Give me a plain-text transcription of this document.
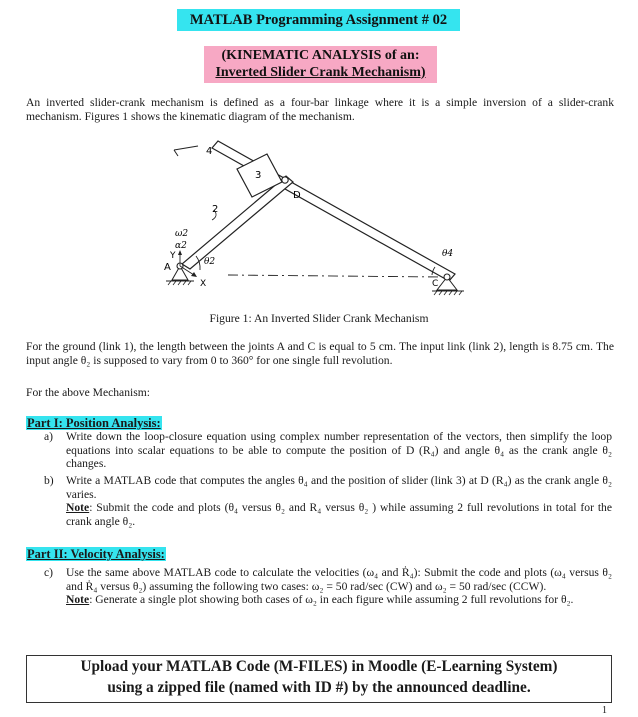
MATLAB Programming Assignment # 02
(KINEMATIC ANALYSIS of an:
Inverted Slider Crank Mechanism)
An inverted slider-crank mechanism is defined as a four-bar linkage where it is a simple inversion of a slider-crank mechanism. Figures 1 shows the kinematic diagram of the mechanism.
4
3
D
2
A
C
X
Y
ω2
α2
θ2
θ4
Figure 1: An Inverted Slider Crank Mechanism
For the ground (link 1), the length between the joints A and C is equal to 5 cm. The input link (link 2), length is 8.75 cm. The input angle θ₂ is supposed to vary from 0 to 360° for one single full revolution.
For the above Mechanism:
Part I: Position Analysis:
a) Write down the loop-closure equation using complex number representation of the vectors, then simplify the loop equations into scalar equations to be able to compute the position of D (R₄) and angle θ₄ as the crank angle θ₂ changes.
b) Write a MATLAB code that computes the angles θ₄ and the position of slider (link 3) at D (R₄) as the crank angle θ₂ varies.
Note: Submit the code and plots (θ₄ versus θ₂ and R₄ versus θ₂ ) while assuming 2 full revolutions in total for the crank angle θ₂.
Part II: Velocity Analysis:
c) Use the same above MATLAB code to calculate the velocities (ω₄ and Ṙ₄): Submit the code and plots (ω₄ versus θ₂ and Ṙ₄ versus θ₂) assuming the following two cases: ω₂ = 50 rad/sec (CW) and ω₂ = 50 rad/sec (CCW).
Note: Generate a single plot showing both cases of ω₂ in each figure while assuming 2 full revolutions for θ₂.
Upload your MATLAB Code (M-FILES) in Moodle (E-Learning System)
using a zipped file (named with ID #) by the announced deadline.
1
